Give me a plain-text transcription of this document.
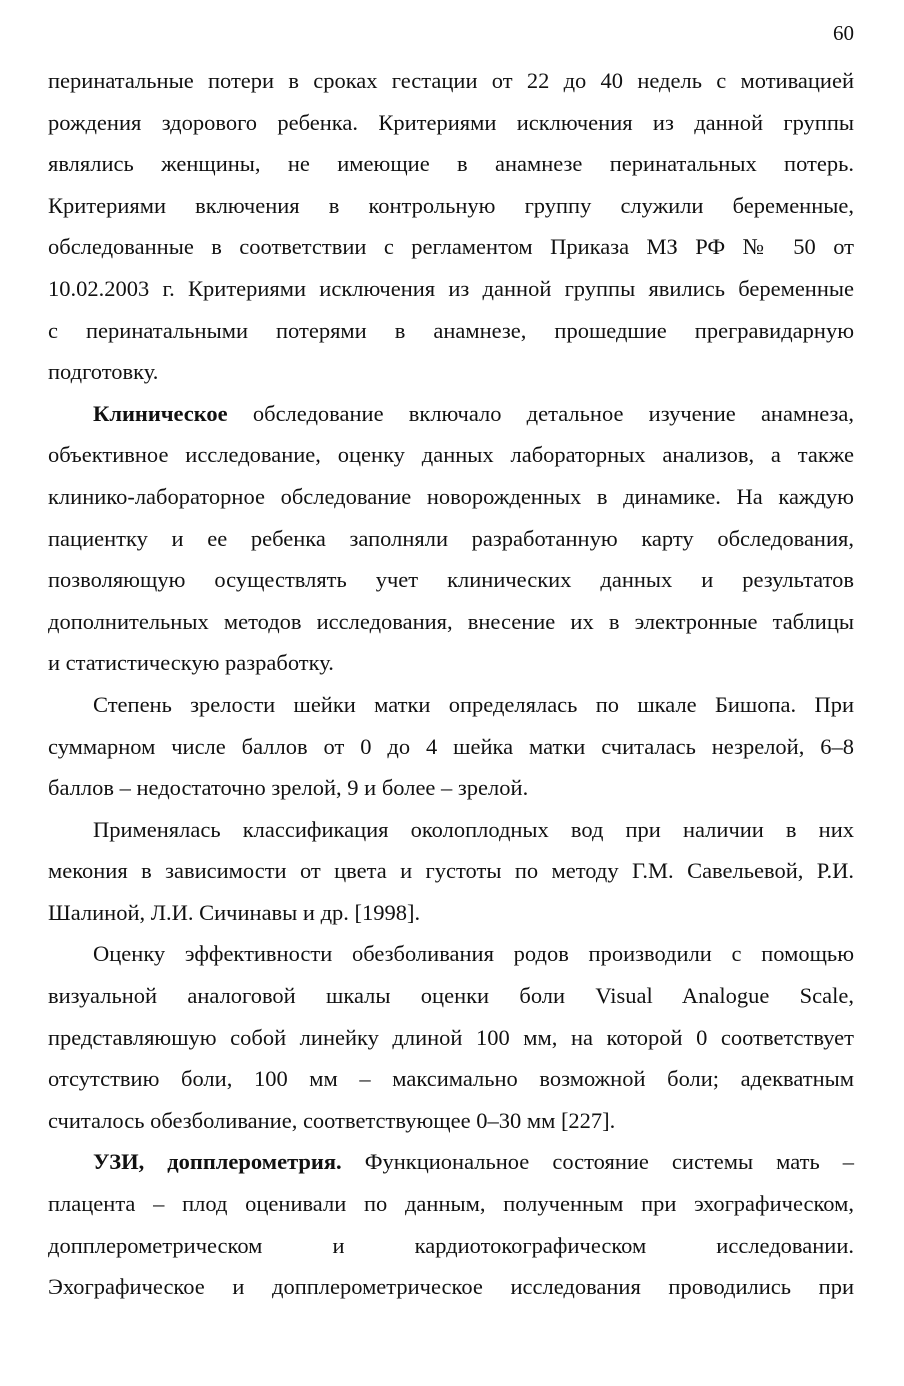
60
перинатальные потери в сроках гестации от 22 до 40 недель с мотивацией
рождения здорового ребенка. Критериями исключения из данной группы
являлись женщины, не имеющие в анамнезе перинатальных потерь.
Критериями включения в контрольную группу служили беременные,
обследованные в соответствии с регламентом Приказа МЗ РФ № 50 от
10.02.2003 г. Критериями исключения из данной группы явились беременные
с перинатальными потерями в анамнезе, прошедшие прегравидарную
подготовку.
Клиническое обследование включало детальное изучение анамнеза,
объективное исследование, оценку данных лабораторных анализов, а также
клинико-лабораторное обследование новорожденных в динамике. На каждую
пациентку и ее ребенка заполняли разработанную карту обследования,
позволяющую осуществлять учет клинических данных и результатов
дополнительных методов исследования, внесение их в электронные таблицы
и статистическую разработку.
Степень зрелости шейки матки определялась по шкале Бишопа. При
суммарном числе баллов от 0 до 4 шейка матки считалась незрелой, 6–8
баллов – недостаточно зрелой, 9 и более – зрелой.
Применялась классификация околоплодных вод при наличии в них
мекония в зависимости от цвета и густоты по методу Г.М. Савельевой, Р.И.
Шалиной, Л.И. Сичинавы и др. [1998].
Оценку эффективности обезболивания родов производили с помощью
визуальной аналоговой шкалы оценки боли Visual Analogue Scale,
представляюшую собой линейку длиной 100 мм, на которой 0 соответствует
отсутствию боли, 100 мм – максимально возможной боли; адекватным
считалось обезболивание, соответствующее 0–30 мм [227].
УЗИ, допплерометрия. Функциональное состояние системы мать –
плацента – плод оценивали по данным, полученным при эхографическом,
допплерометрическом и кардиотокографическом исследовании.
Эхографическое и допплерометрическое исследования проводились при
